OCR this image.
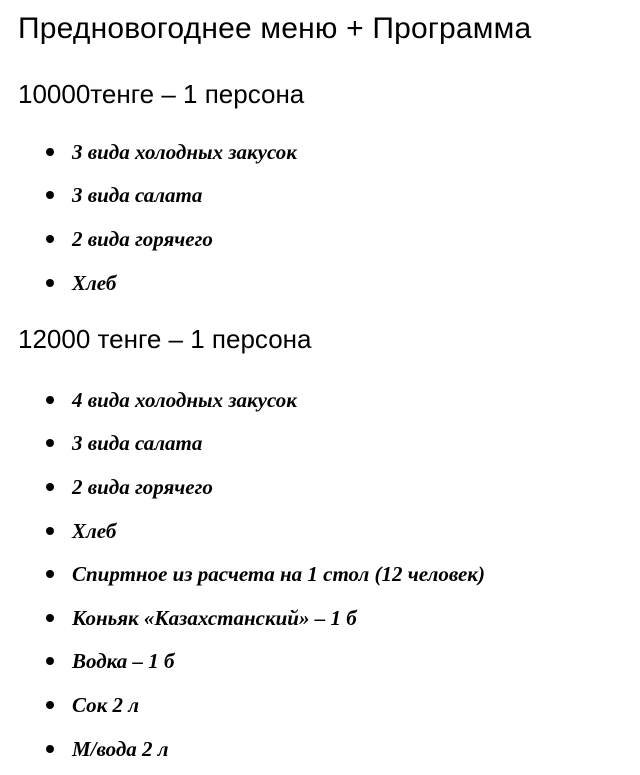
Предновогоднее меню + Программа
10000тенге – 1 персона
3 вида холодных закусок
3 вида салата
2 вида горячего
Хлеб
12000 тенге – 1 персона
4 вида холодных закусок
3 вида салата
2 вида горячего
Хлеб
Спиртное из расчета на 1 стол (12 человек)
Коньяк «Казахстанский» – 1 б
Водка – 1 б
Сок 2 л
М/вода 2 л
